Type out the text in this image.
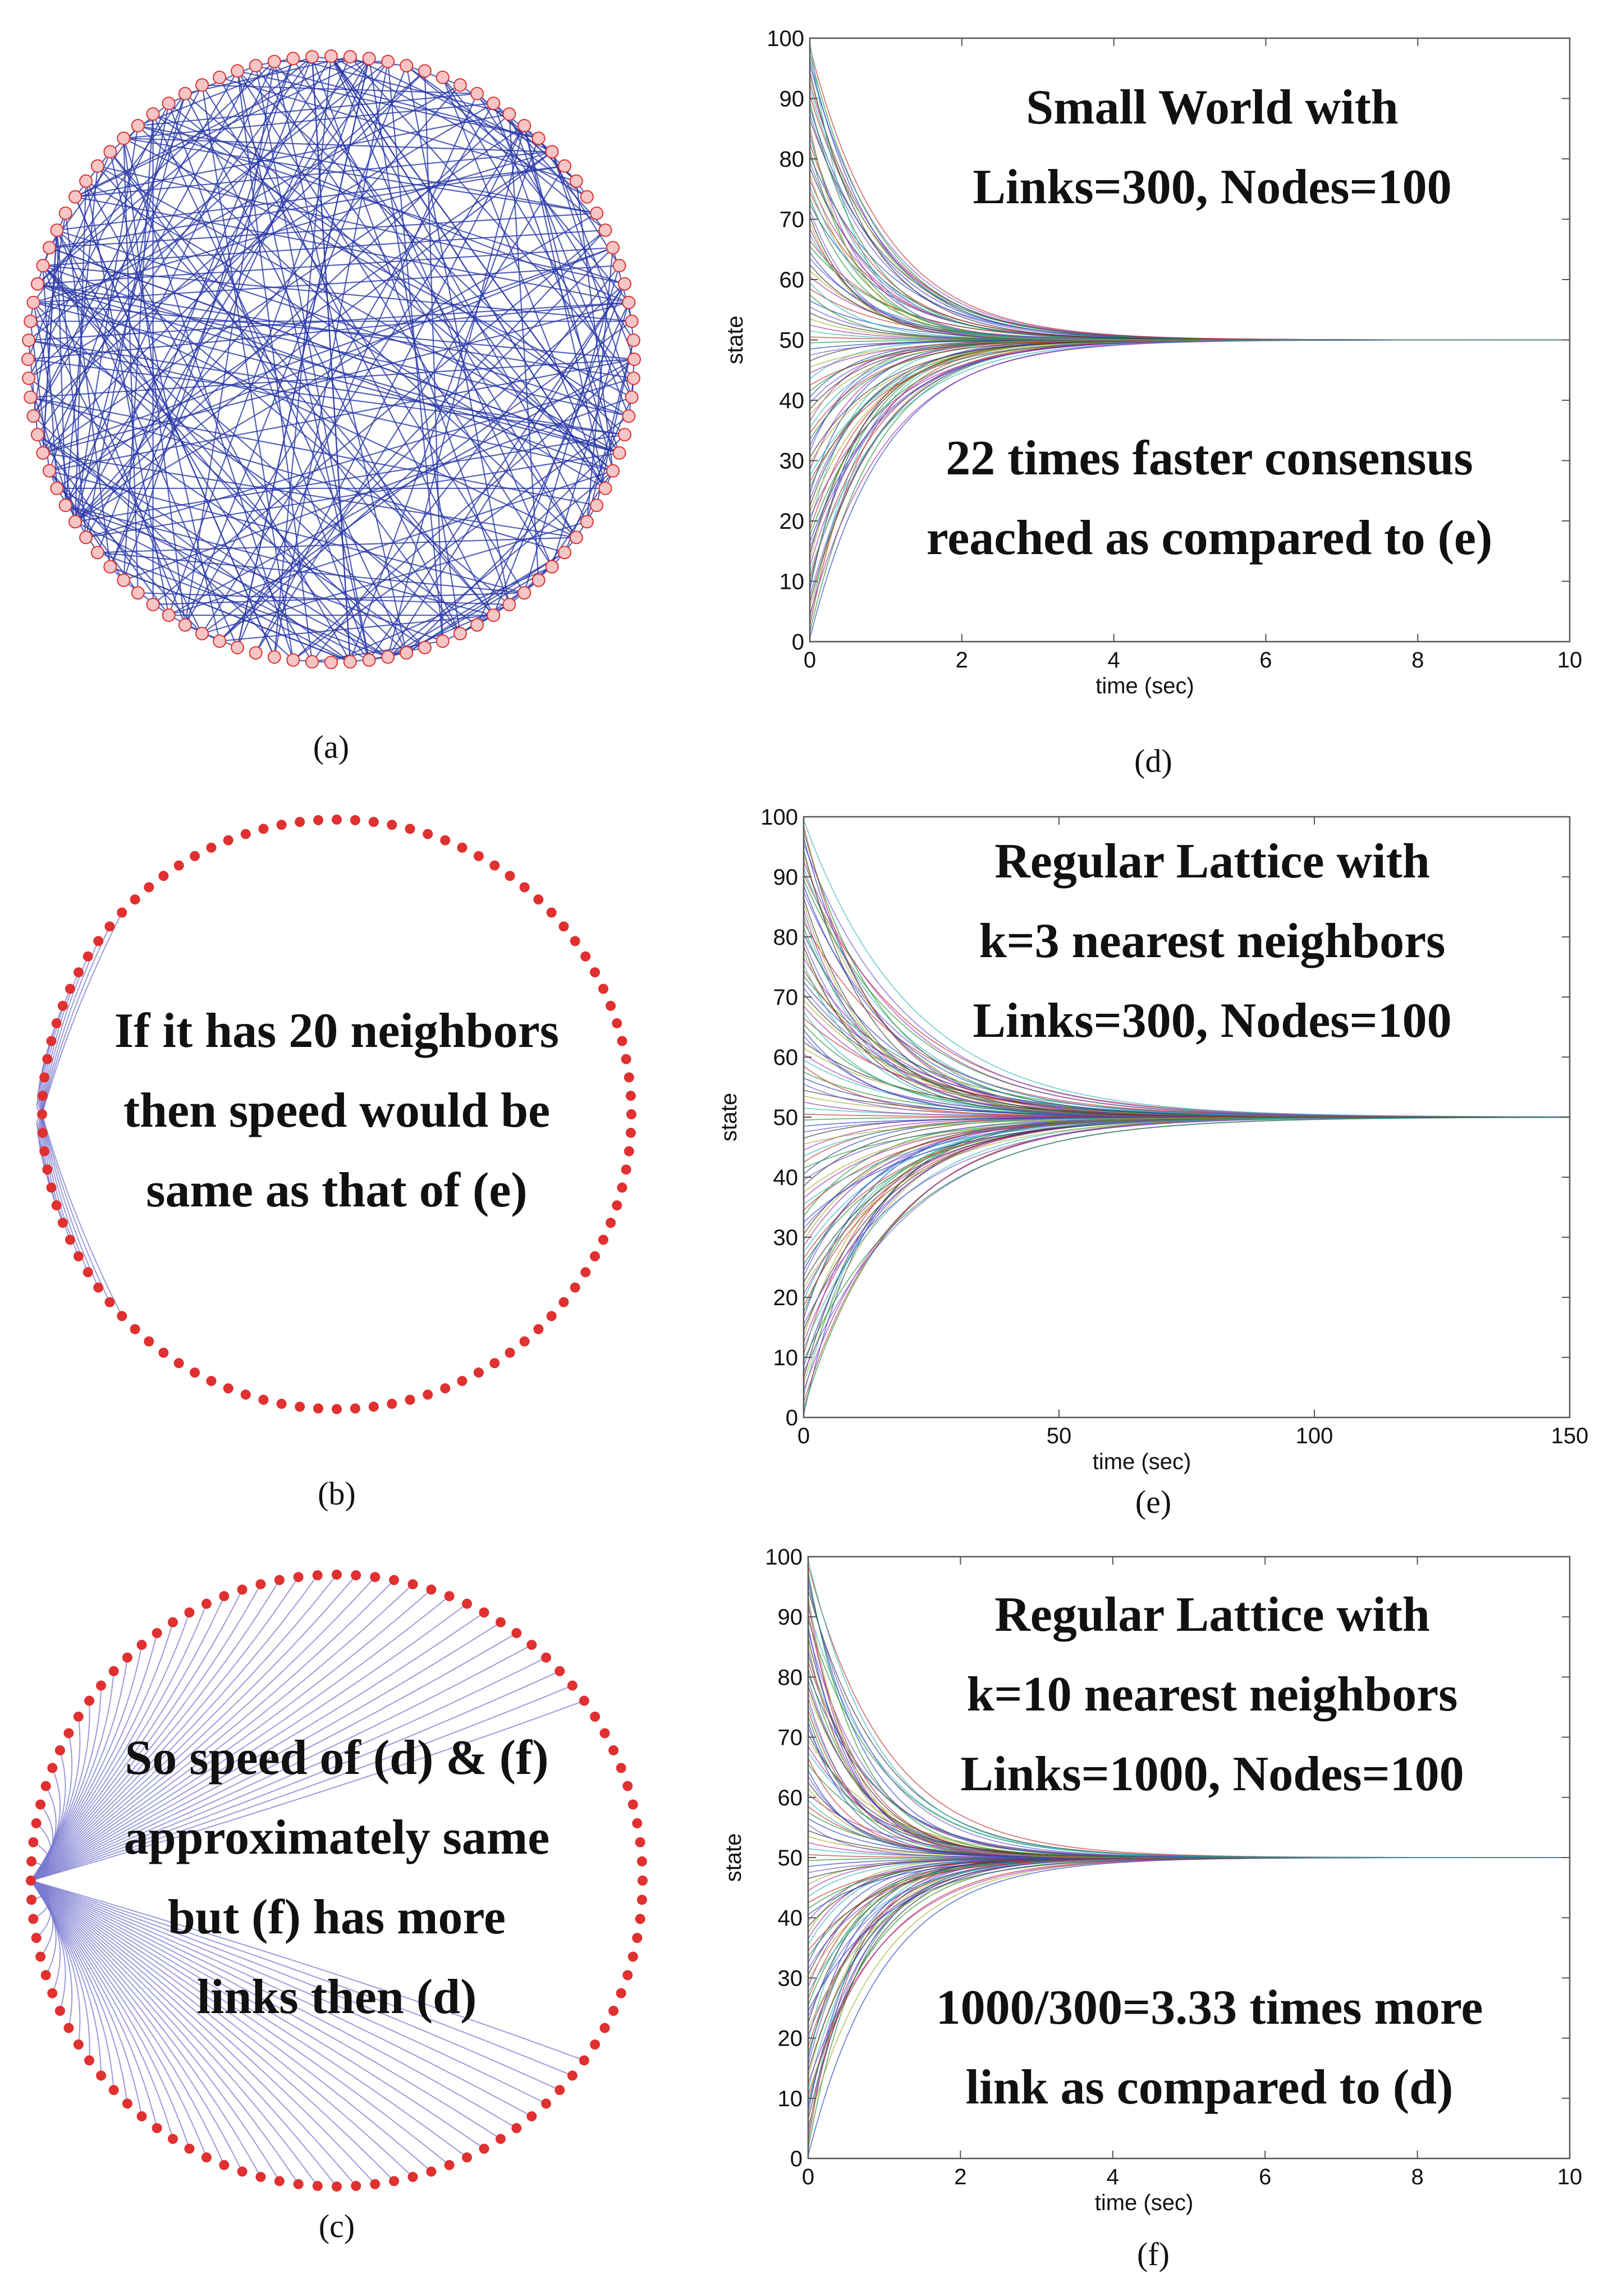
(a)
If it has 20 neighbors
then speed would be
same as that of (e)
(b)
So speed of (d) & (f)
approximately same
but (f) has more
links then (d)
(c)
0
10
20
30
40
50
60
70
80
90
100
0	2	4	6	8	10
time (sec)
state
Small World with
Links=300, Nodes=100
22 times faster consensus
reached as compared to (e)
(d)
0
10
20
30
40
50
60
70
80
90
100
0	50	100	150
time (sec)
state
Regular Lattice with
k=3 nearest neighbors
Links=300, Nodes=100
(e)
0
10
20
30
40
50
60
70
80
90
100
0	2	4	6	8	10
time (sec)
state
Regular Lattice with
k=10 nearest neighbors
Links=1000, Nodes=100
1000/300=3.33 times more
link as compared to (d)
(f)
